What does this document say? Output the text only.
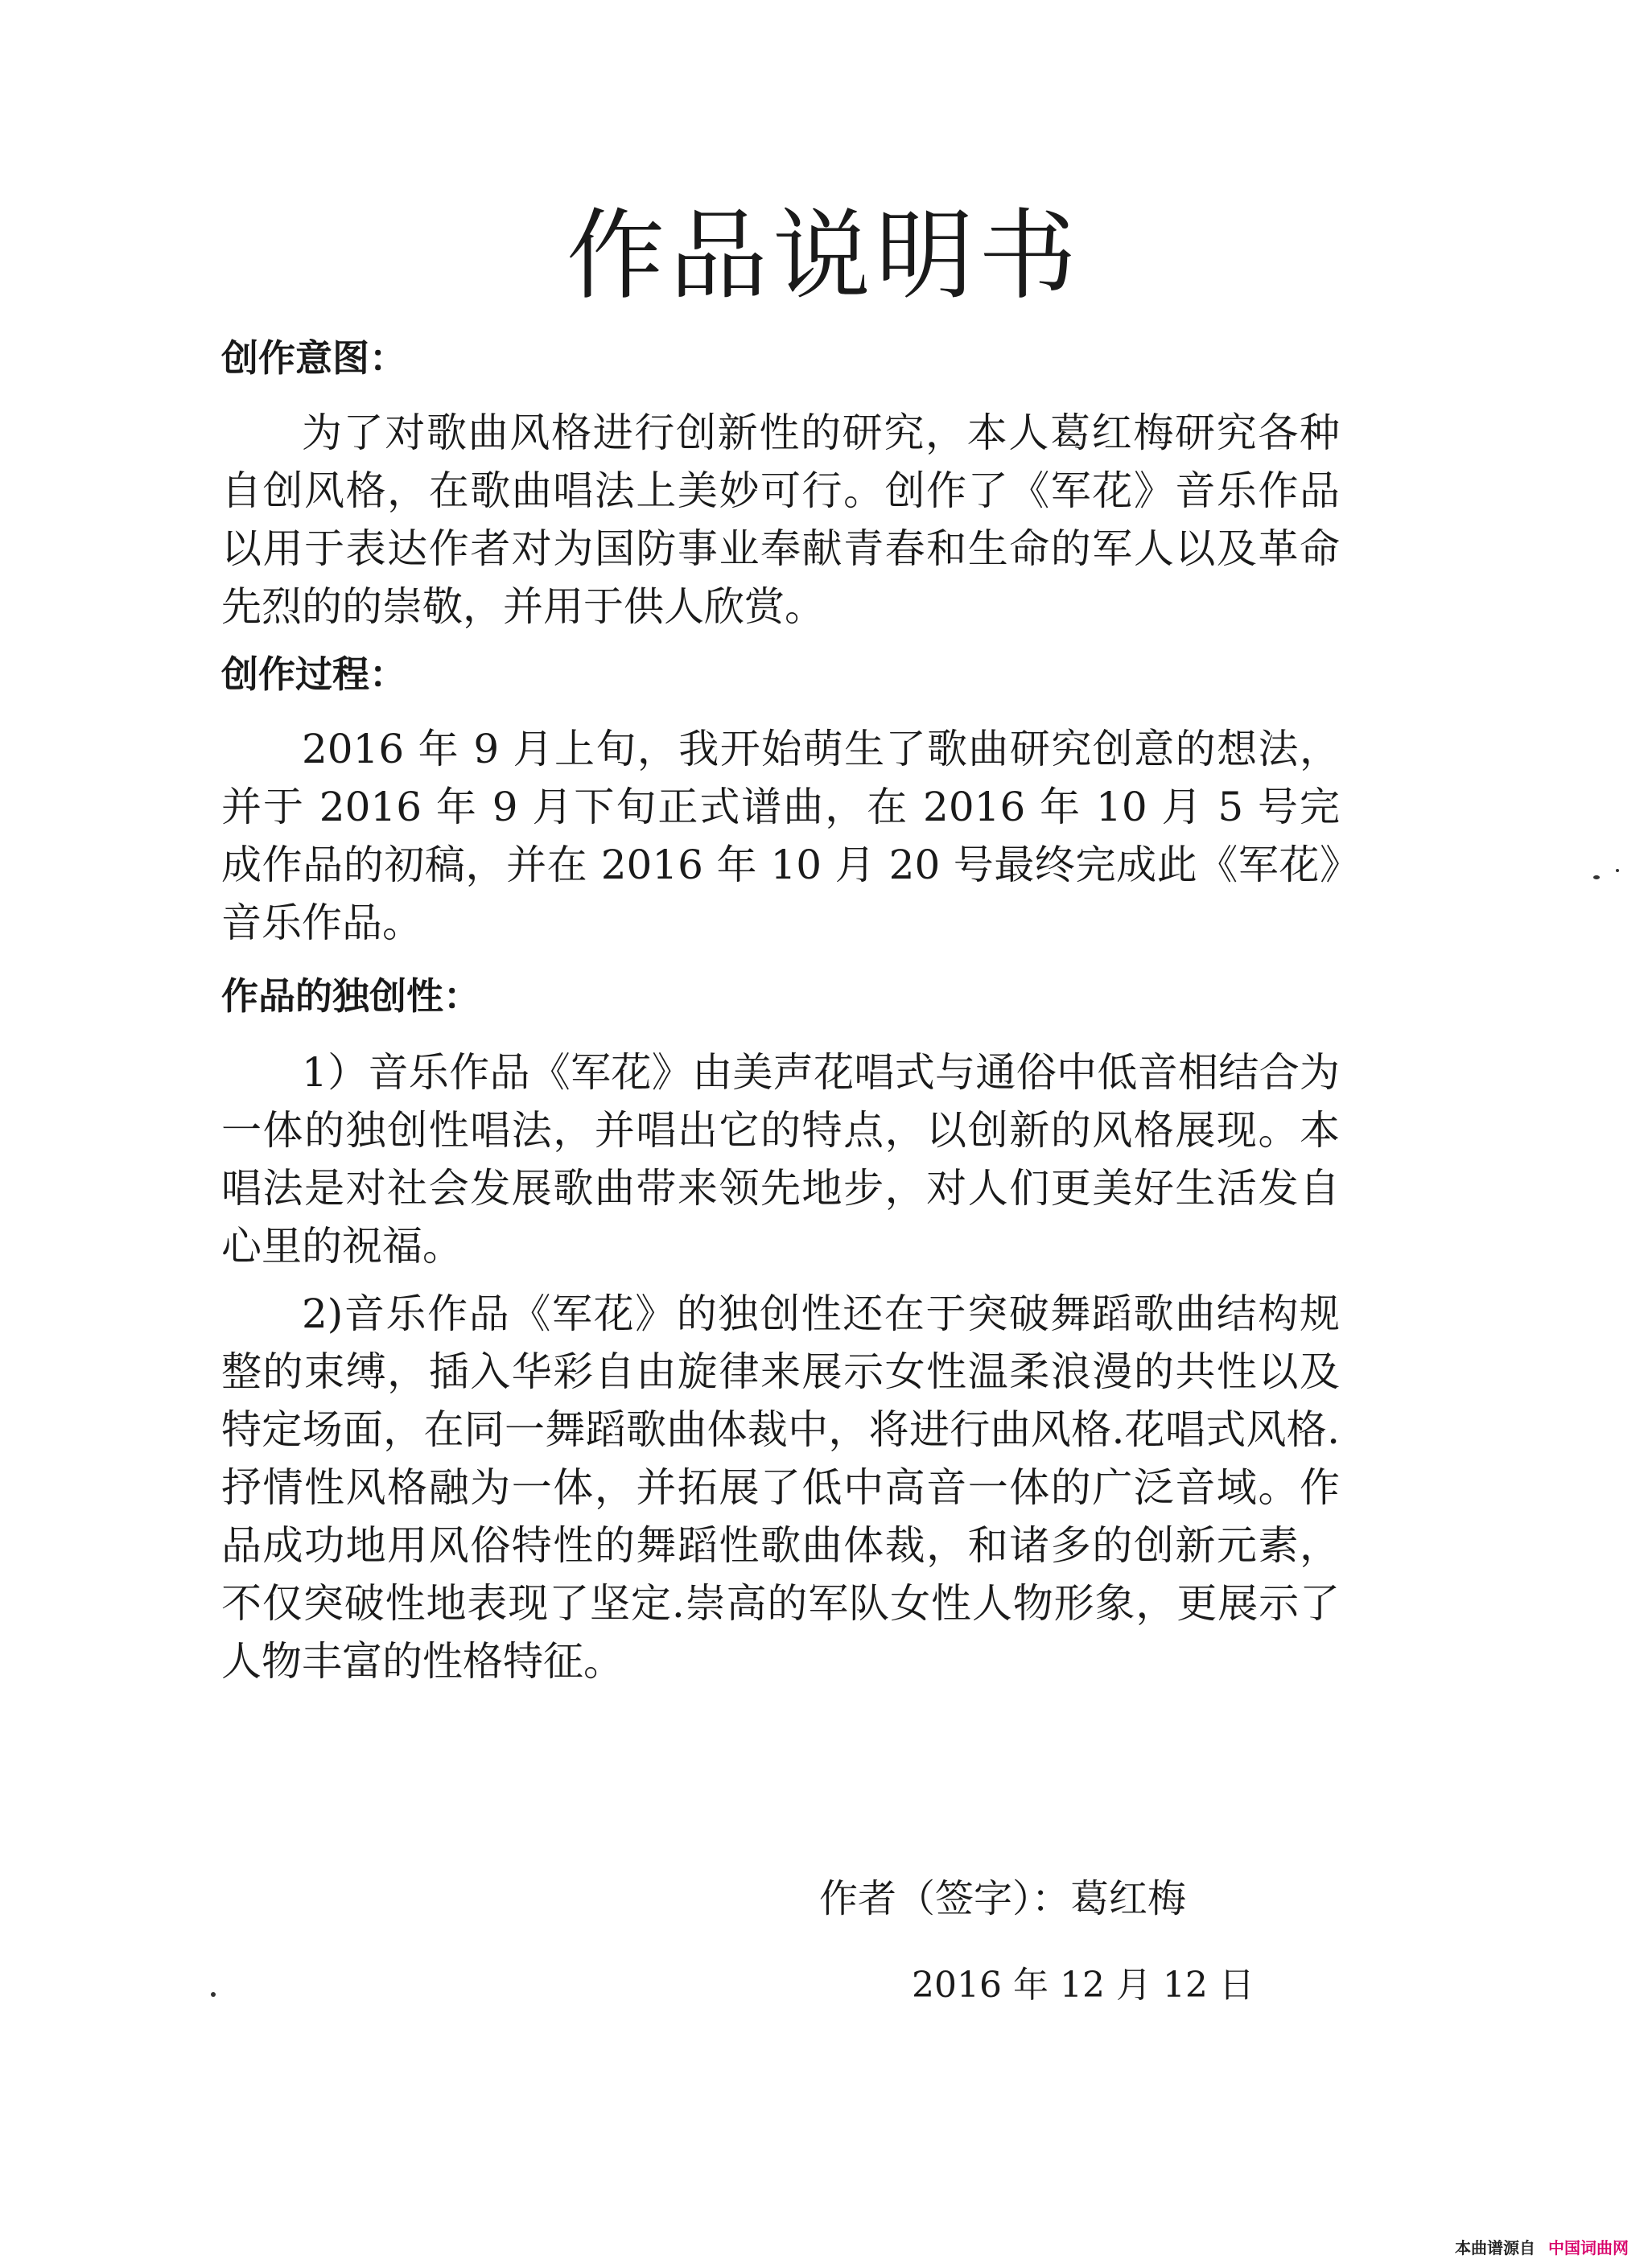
作品说明书
创作意图：

为了对歌曲风格进行创新性的研究，本人葛红梅研究各种自创风格，在歌曲唱法上美妙可行。创作了《军花》音乐作品以用于表达作者对为国防事业奉献青春和生命的军人以及革命先烈的的崇敬，并用于供人欣赏。

创作过程：

2016 年 9 月上旬，我开始萌生了歌曲研究创意的想法，并于 2016 年 9 月下旬正式谱曲，在 2016 年 10 月 5 号完成作品的初稿，并在 2016 年 10 月 20 号最终完成此《军花》音乐作品。

作品的独创性：

1）音乐作品《军花》由美声花唱式与通俗中低音相结合为一体的独创性唱法，并唱出它的特点，以创新的风格展现。本唱法是对社会发展歌曲带来领先地步，对人们更美好生活发自心里的祝福。

2)音乐作品《军花》的独创性还在于突破舞蹈歌曲结构规整的束缚，插入华彩自由旋律来展示女性温柔浪漫的共性以及特定场面，在同一舞蹈歌曲体裁中，将进行曲风格.花唱式风格.抒情性风格融为一体，并拓展了低中高音一体的广泛音域。作品成功地用风俗特性的舞蹈性歌曲体裁，和诸多的创新元素，不仅突破性地表现了坚定.崇高的军队女性人物形象，更展示了人物丰富的性格特征。

作者（签字）：葛红梅
2016 年 12 月 12 日
本曲谱源自 中国词曲网
